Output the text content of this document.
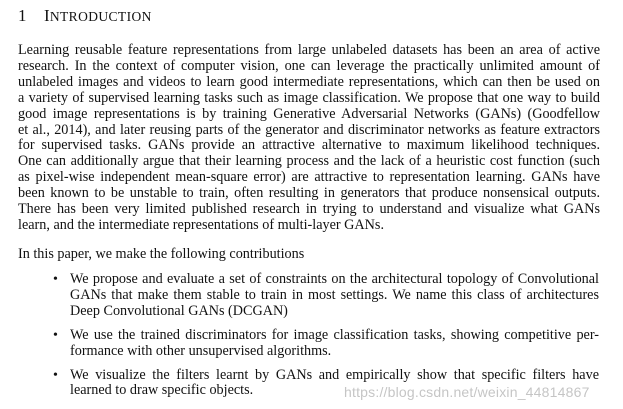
1 INTRODUCTION
Learning reusable feature representations from large unlabeled datasets has been an area of active
research. In the context of computer vision, one can leverage the practically unlimited amount of
unlabeled images and videos to learn good intermediate representations, which can then be used on
a variety of supervised learning tasks such as image classification. We propose that one way to build
good image representations is by training Generative Adversarial Networks (GANs) (Goodfellow
et al., 2014), and later reusing parts of the generator and discriminator networks as feature extractors
for supervised tasks. GANs provide an attractive alternative to maximum likelihood techniques.
One can additionally argue that their learning process and the lack of a heuristic cost function (such
as pixel-wise independent mean-square error) are attractive to representation learning. GANs have
been known to be unstable to train, often resulting in generators that produce nonsensical outputs.
There has been very limited published research in trying to understand and visualize what GANs
learn, and the intermediate representations of multi-layer GANs.
In this paper, we make the following contributions
• We propose and evaluate a set of constraints on the architectural topology of Convolutional
GANs that make them stable to train in most settings. We name this class of architectures
Deep Convolutional GANs (DCGAN)
• We use the trained discriminators for image classification tasks, showing competitive per-
formance with other unsupervised algorithms.
• We visualize the filters learnt by GANs and empirically show that specific filters have
learned to draw specific objects.	https://blog.csdn.net/weixin_44814867
